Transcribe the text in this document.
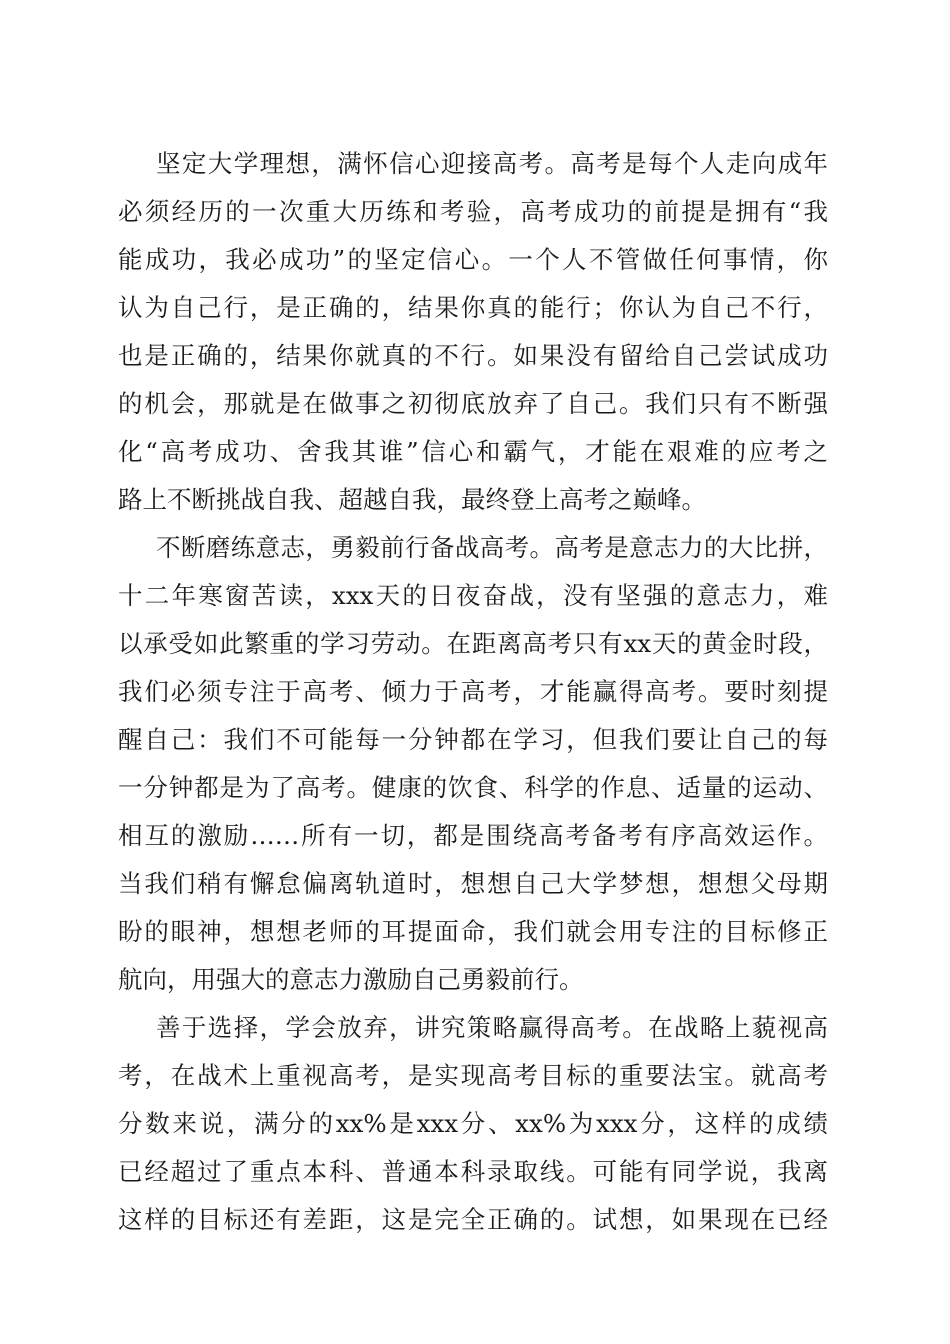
坚定大学理想，满怀信心迎接高考。高考是每个人走向成年

必须经历的一次重大历练和考验，高考成功的前提是拥有“我

能成功，我必成功”的坚定信心。一个人不管做任何事情，你

认为自己行，是正确的，结果你真的能行；你认为自己不行，

也是正确的，结果你就真的不行。如果没有留给自己尝试成功

的机会，那就是在做事之初彻底放弃了自己。我们只有不断强

化“高考成功、舍我其谁”信心和霸气，才能在艰难的应考之

路上不断挑战自我、超越自我，最终登上高考之巅峰。

不断磨练意志，勇毅前行备战高考。高考是意志力的大比拼，

十二年寒窗苦读，xxx天的日夜奋战，没有坚强的意志力，难

以承受如此繁重的学习劳动。在距离高考只有xx天的黄金时段，

我们必须专注于高考、倾力于高考，才能赢得高考。要时刻提

醒自己：我们不可能每一分钟都在学习，但我们要让自己的每

一分钟都是为了高考。健康的饮食、科学的作息、适量的运动、

相互的激励……所有一切，都是围绕高考备考有序高效运作。

当我们稍有懈怠偏离轨道时，想想自己大学梦想，想想父母期

盼的眼神，想想老师的耳提面命，我们就会用专注的目标修正

航向，用强大的意志力激励自己勇毅前行。

善于选择，学会放弃，讲究策略赢得高考。在战略上藐视高

考，在战术上重视高考，是实现高考目标的重要法宝。就高考

分数来说，满分的xx%是xxx分、xx%为xxx分，这样的成绩

已经超过了重点本科、普通本科录取线。可能有同学说，我离

这样的目标还有差距，这是完全正确的。试想，如果现在已经
